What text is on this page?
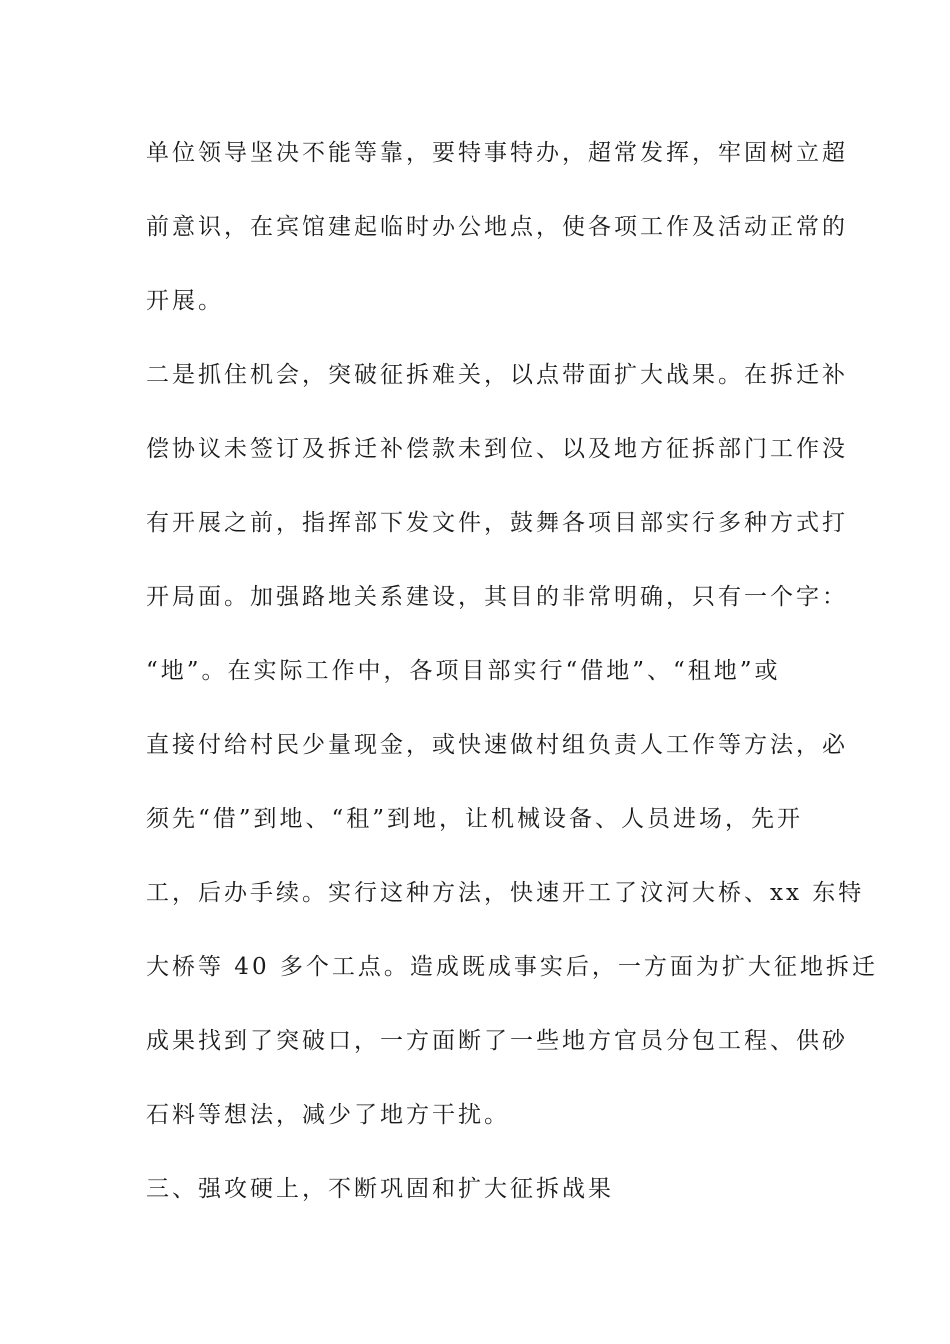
单位领导坚决不能等靠，要特事特办，超常发挥，牢固树立超
前意识，在宾馆建起临时办公地点，使各项工作及活动正常的
开展。
二是抓住机会，突破征拆难关，以点带面扩大战果。在拆迁补
偿协议未签订及拆迁补偿款未到位、以及地方征拆部门工作没
有开展之前，指挥部下发文件，鼓舞各项目部实行多种方式打
开局面。加强路地关系建设，其目的非常明确，只有一个字：
“地”。在实际工作中，各项目部实行“借地”、“租地”或
直接付给村民少量现金，或快速做村组负责人工作等方法，必
须先“借”到地、“租”到地，让机械设备、人员进场，先开
工，后办手续。实行这种方法，快速开工了汶河大桥、xx 东特
大桥等 40 多个工点。造成既成事实后，一方面为扩大征地拆迁
成果找到了突破口，一方面断了一些地方官员分包工程、供砂
石料等想法，减少了地方干扰。
三、强攻硬上，不断巩固和扩大征拆战果
